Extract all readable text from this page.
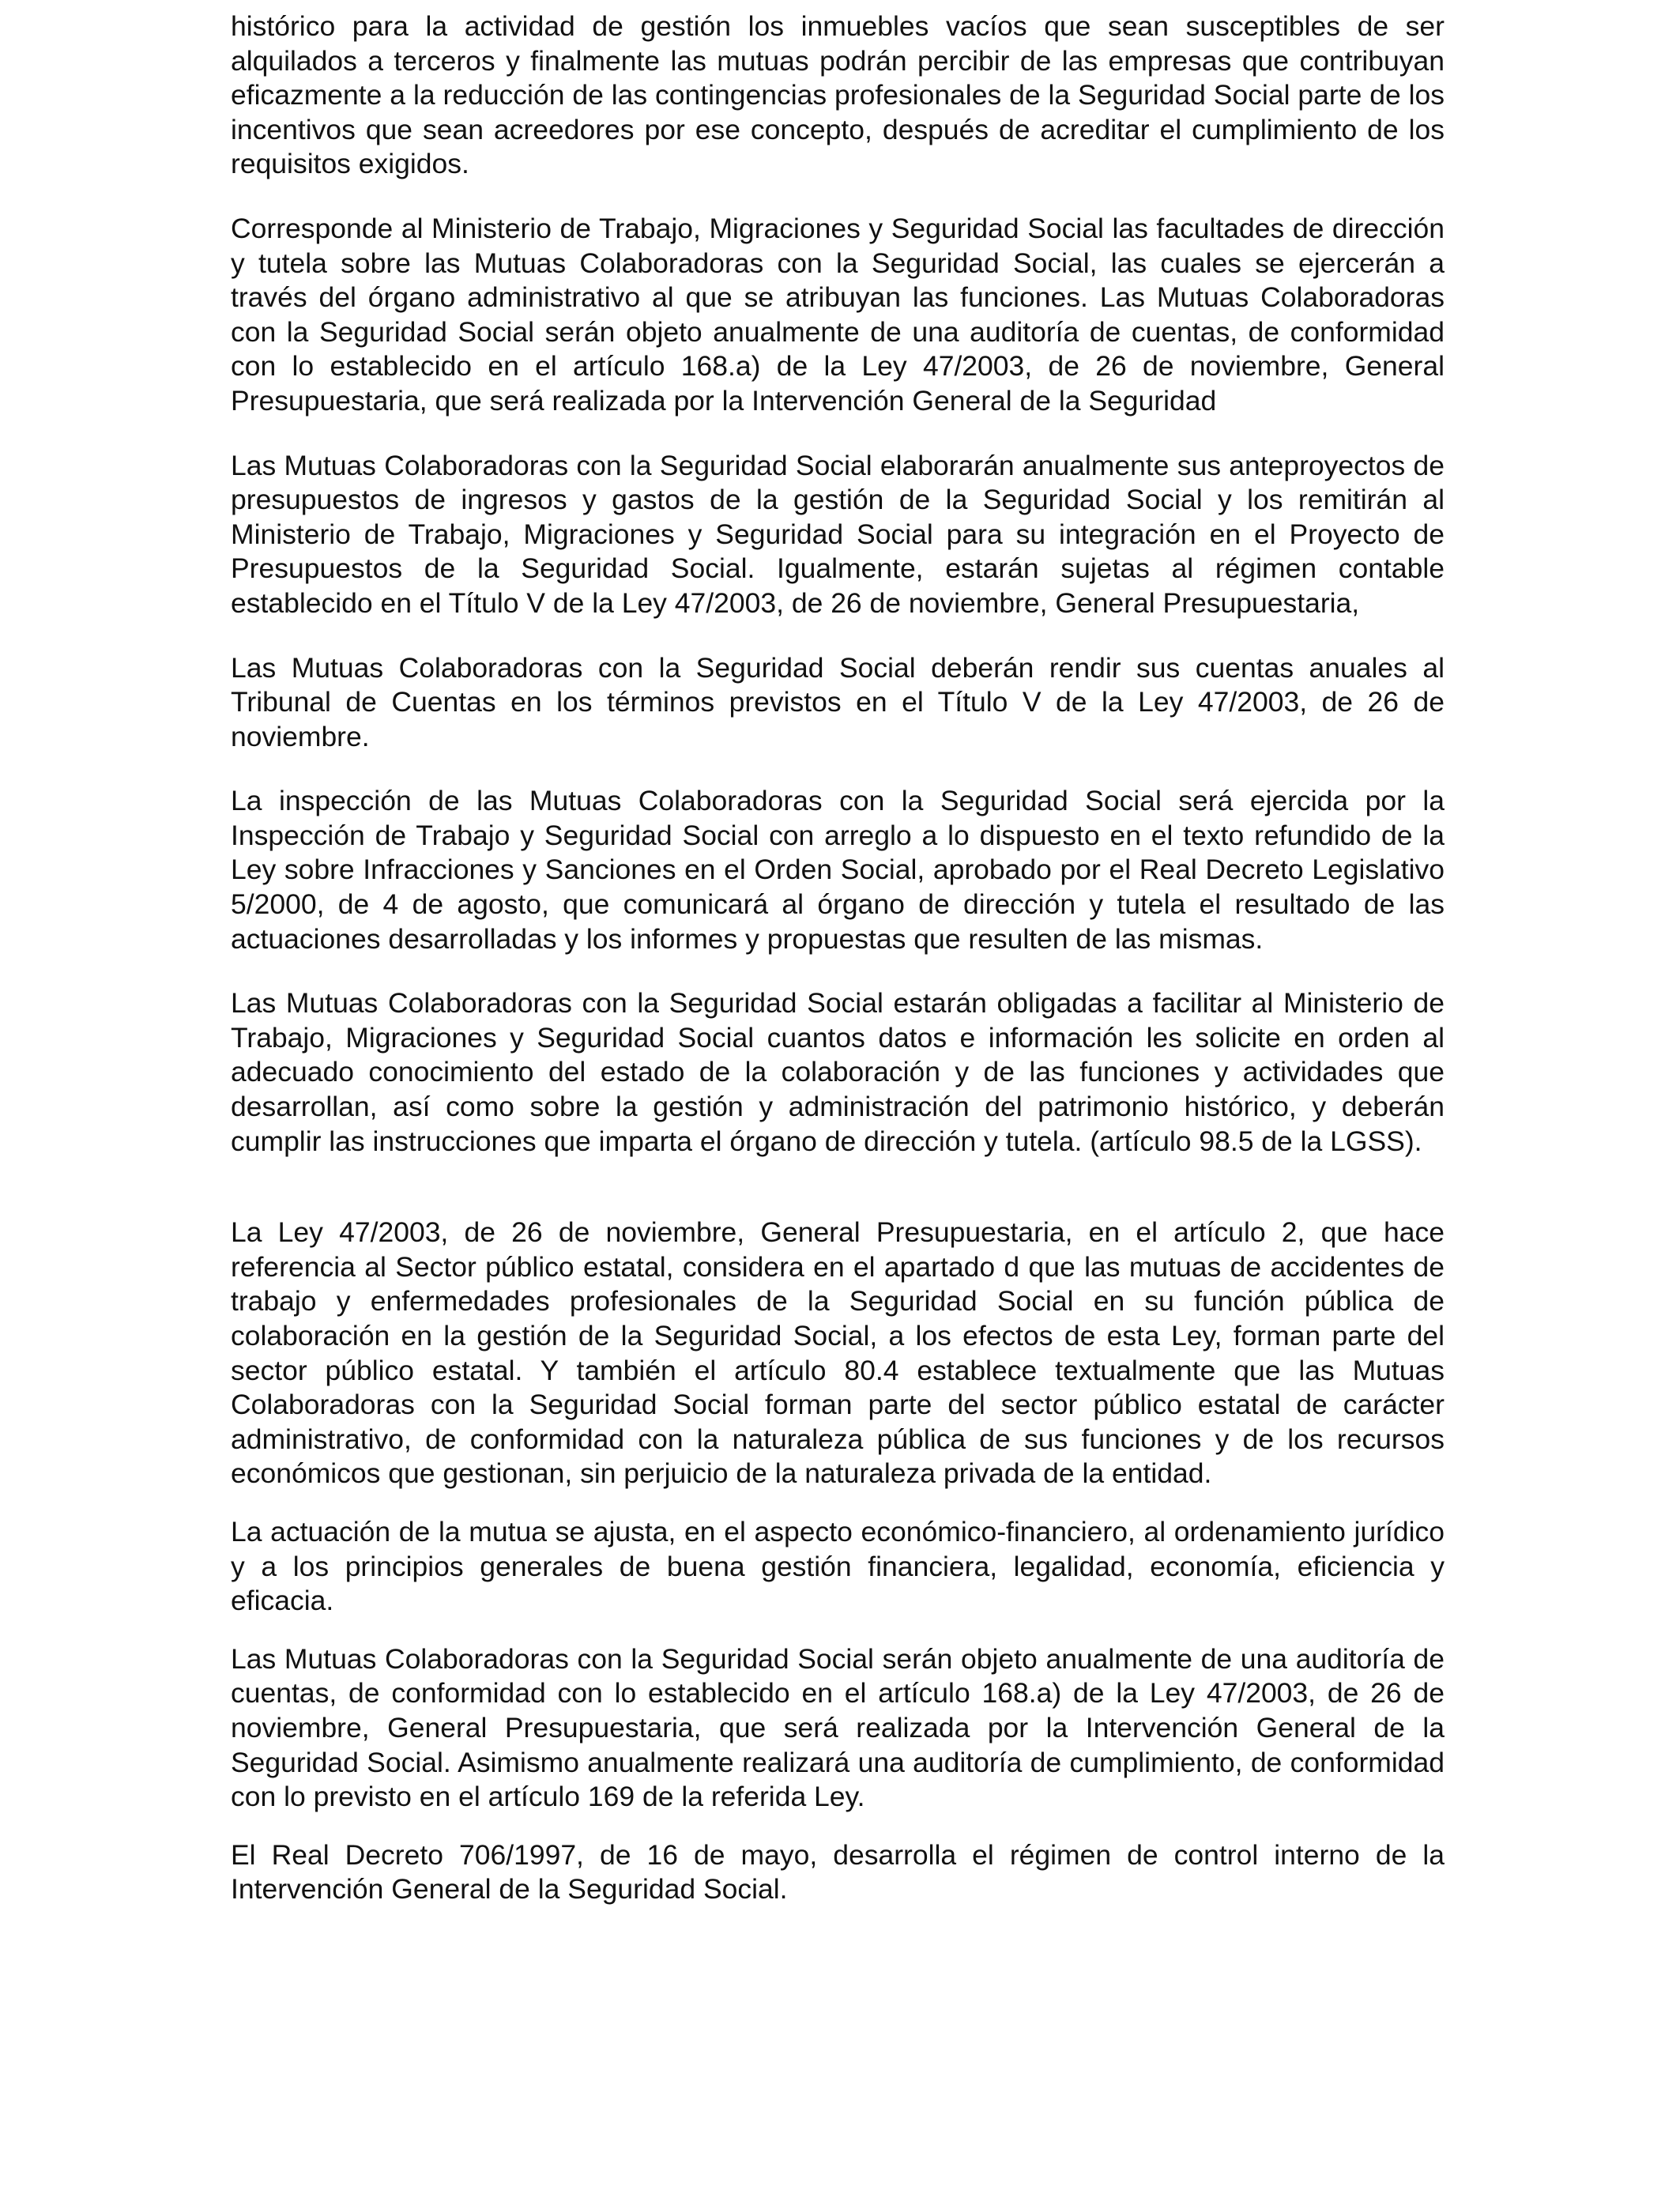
histórico para la actividad de gestión los inmuebles vacíos que sean susceptibles de ser alquilados a terceros y finalmente las mutuas podrán percibir de las empresas que contribuyan eficazmente a la reducción de las contingencias profesionales de la Seguridad Social parte de los incentivos que sean acreedores por ese concepto, después de acreditar el cumplimiento de los requisitos exigidos.

Corresponde al Ministerio de Trabajo, Migraciones y Seguridad Social las facultades de dirección y tutela sobre las Mutuas Colaboradoras con la Seguridad Social, las cuales se ejercerán a través del órgano administrativo al que se atribuyan las funciones. Las Mutuas Colaboradoras con la Seguridad Social serán objeto anualmente de una auditoría de cuentas, de conformidad con lo establecido en el artículo 168.a) de la Ley 47/2003, de 26 de noviembre, General Presupuestaria, que será realizada por la Intervención General de la Seguridad

Las Mutuas Colaboradoras con la Seguridad Social elaborarán anualmente sus anteproyectos de presupuestos de ingresos y gastos de la gestión de la Seguridad Social y los remitirán al Ministerio de Trabajo, Migraciones y Seguridad Social para su integración en el Proyecto de Presupuestos de la Seguridad Social. Igualmente, estarán sujetas al régimen contable establecido en el Título V de la Ley 47/2003, de 26 de noviembre, General Presupuestaria,

Las Mutuas Colaboradoras con la Seguridad Social deberán rendir sus cuentas anuales al Tribunal de Cuentas en los términos previstos en el Título V de la Ley 47/2003, de 26 de noviembre.

La inspección de las Mutuas Colaboradoras con la Seguridad Social será ejercida por la Inspección de Trabajo y Seguridad Social con arreglo a lo dispuesto en el texto refundido de la Ley sobre Infracciones y Sanciones en el Orden Social, aprobado por el Real Decreto Legislativo 5/2000, de 4 de agosto, que comunicará al órgano de dirección y tutela el resultado de las actuaciones desarrolladas y los informes y propuestas que resulten de las mismas.

Las Mutuas Colaboradoras con la Seguridad Social estarán obligadas a facilitar al Ministerio de Trabajo, Migraciones y Seguridad Social cuantos datos e información les solicite en orden al adecuado conocimiento del estado de la colaboración y de las funciones y actividades que desarrollan, así como sobre la gestión y administración del patrimonio histórico, y deberán cumplir las instrucciones que imparta el órgano de dirección y tutela. (artículo 98.5 de la LGSS).

La Ley 47/2003, de 26 de noviembre, General Presupuestaria, en el artículo 2, que hace referencia al Sector público estatal, considera en el apartado d que las mutuas de accidentes de trabajo y enfermedades profesionales de la Seguridad Social en su función pública de colaboración en la gestión de la Seguridad Social, a los efectos de esta Ley, forman parte del sector público estatal. Y también el artículo 80.4 establece textualmente que las Mutuas Colaboradoras con la Seguridad Social forman parte del sector público estatal de carácter administrativo, de conformidad con la naturaleza pública de sus funciones y de los recursos económicos que gestionan, sin perjuicio de la naturaleza privada de la entidad.

La actuación de la mutua se ajusta, en el aspecto económico-financiero, al ordenamiento jurídico y a los principios generales de buena gestión financiera, legalidad, economía, eficiencia y eficacia.

Las Mutuas Colaboradoras con la Seguridad Social serán objeto anualmente de una auditoría de cuentas, de conformidad con lo establecido en el artículo 168.a) de la Ley 47/2003, de 26 de noviembre, General Presupuestaria, que será realizada por la Intervención General de la Seguridad Social. Asimismo anualmente realizará una auditoría de cumplimiento, de conformidad con lo previsto en el artículo 169 de la referida Ley.

El Real Decreto 706/1997, de 16 de mayo, desarrolla el régimen de control interno de la Intervención General de la Seguridad Social.
